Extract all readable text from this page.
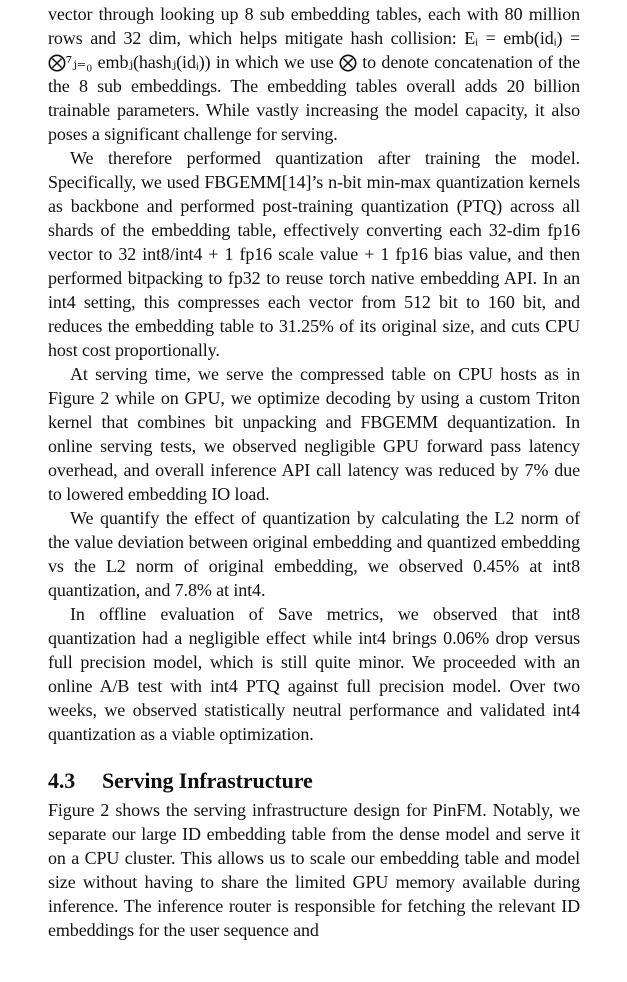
vector through looking up 8 sub embedding tables, each with 80 million rows and 32 dim, which helps mitigate hash collision: Eᵢ = emb(idᵢ) = ⨂⁷ⱼ₌₀ embⱼ(hashⱼ(idᵢ)) in which we use ⨂ to denote concatenation of the the 8 sub embeddings. The embedding tables overall adds 20 billion trainable parameters. While vastly increasing the model capacity, it also poses a significant challenge for serving.

We therefore performed quantization after training the model. Specifically, we used FBGEMM[14]’s n-bit min-max quantization kernels as backbone and performed post-training quantization (PTQ) across all shards of the embedding table, effectively converting each 32-dim fp16 vector to 32 int8/int4 + 1 fp16 scale value + 1 fp16 bias value, and then performed bitpacking to fp32 to reuse torch native embedding API. In an int4 setting, this compresses each vector from 512 bit to 160 bit, and reduces the embedding table to 31.25% of its original size, and cuts CPU host cost proportionally.

At serving time, we serve the compressed table on CPU hosts as in Figure 2 while on GPU, we optimize decoding by using a custom Triton kernel that combines bit unpacking and FBGEMM dequantization. In online serving tests, we observed negligible GPU forward pass latency overhead, and overall inference API call latency was reduced by 7% due to lowered embedding IO load.

We quantify the effect of quantization by calculating the L2 norm of the value deviation between original embedding and quantized embedding vs the L2 norm of original embedding, we observed 0.45% at int8 quantization, and 7.8% at int4.

In offline evaluation of Save metrics, we observed that int8 quantization had a negligible effect while int4 brings 0.06% drop versus full precision model, which is still quite minor. We proceeded with an online A/B test with int4 PTQ against full precision model. Over two weeks, we observed statistically neutral performance and validated int4 quantization as a viable optimization.

4.3 Serving Infrastructure

Figure 2 shows the serving infrastructure design for PinFM. Notably, we separate our large ID embedding table from the dense model and serve it on a CPU cluster. This allows us to scale our embedding table and model size without having to share the limited GPU memory available during inference. The inference router is responsible for fetching the relevant ID embeddings for the user sequence and
